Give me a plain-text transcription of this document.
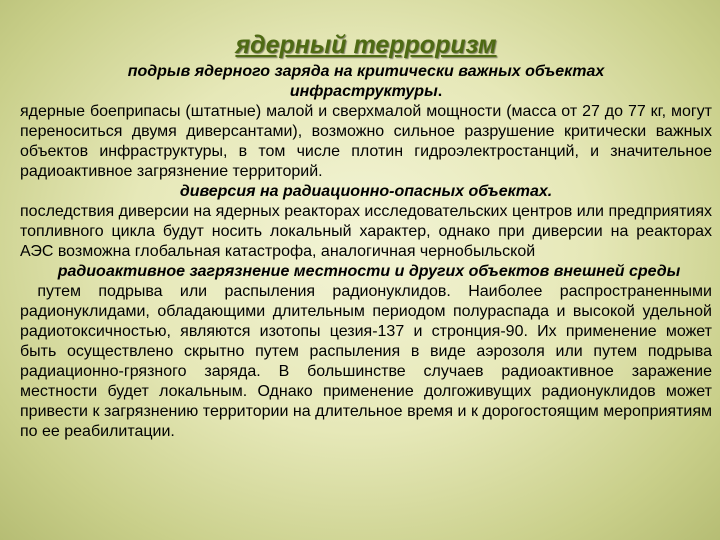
ядерный терроризм
подрыв ядерного заряда на критически важных объектах инфраструктуры.

ядерные боеприпасы (штатные) малой и сверхмалой мощности (масса от 27 до 77 кг, могут переноситься двумя диверсантами), возможно сильное разрушение критически важных объектов инфраструктуры, в том числе плотин гидроэлектростанций, и значительное радиоактивное загрязнение территорий.

диверсия на радиационно-опасных объектах.

последствия диверсии на ядерных реакторах исследовательских центров или предприятиях топливного цикла будут носить локальный характер, однако при диверсии на реакторах АЭС возможна глобальная катастрофа, аналогичная чернобыльской

радиоактивное загрязнение местности и других объектов внешней среды

путем подрыва или распыления радионуклидов. Наиболее распространенными радионуклидами, обладающими длительным периодом полураспада и высокой удельной радиотоксичностью, являются изотопы цезия-137 и стронция-90. Их применение может быть осуществлено скрытно путем распыления в виде аэрозоля или путем подрыва радиационно-грязного заряда. В большинстве случаев радиоактивное заражение местности будет локальным. Однако применение долгоживущих радионуклидов может привести к загрязнению территории на длительное время и к дорогостоящим мероприятиям по ее реабилитации.
